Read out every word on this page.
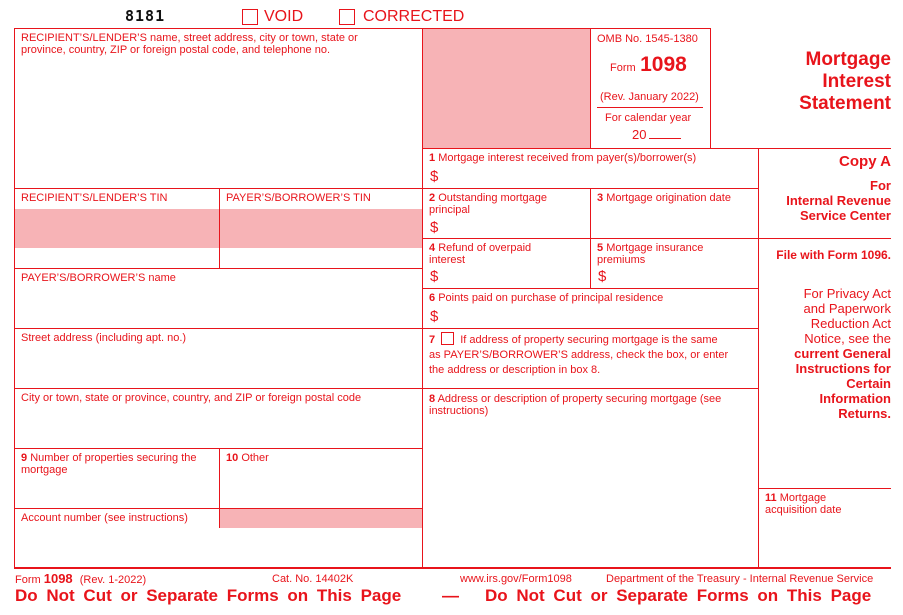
8181	VOID	CORRECTED
OMB No. 1545-1380
Form 1098
(Rev. January 2022)
For calendar year
20
Mortgage
Interest
Statement
Copy A
For
Internal Revenue
Service Center
File with Form 1096.
For Privacy Act
and Paperwork
Reduction Act
Notice, see the
current General
Instructions for
Certain
Information
Returns.
11 Mortgage
acquisition date
RECIPIENT’S/LENDER’S name, street address, city or town, state or
province, country, ZIP or foreign postal code, and telephone no.
RECIPIENT’S/LENDER’S TIN	PAYER’S/BORROWER’S TIN
PAYER’S/BORROWER’S name
Street address (including apt. no.)
City or town, state or province, country, and ZIP or foreign postal code
9 Number of properties securing the
mortgage
10 Other
Account number (see instructions)
1 Mortgage interest received from payer(s)/borrower(s)
$
2 Outstanding mortgage
principal
$
3 Mortgage origination date
4 Refund of overpaid
interest
$
5 Mortgage insurance
premiums
$
6 Points paid on purchase of principal residence
$
7 If address of property securing mortgage is the same
as PAYER’S/BORROWER’S address, check the box, or enter
the address or description in box 8.
8 Address or description of property securing mortgage (see
instructions)
Form 1098 (Rev. 1-2022)	Cat. No. 14402K	www.irs.gov/Form1098	Department of the Treasury - Internal Revenue Service
Do Not Cut or Separate Forms on This Page — Do Not Cut or Separate Forms on This Page
